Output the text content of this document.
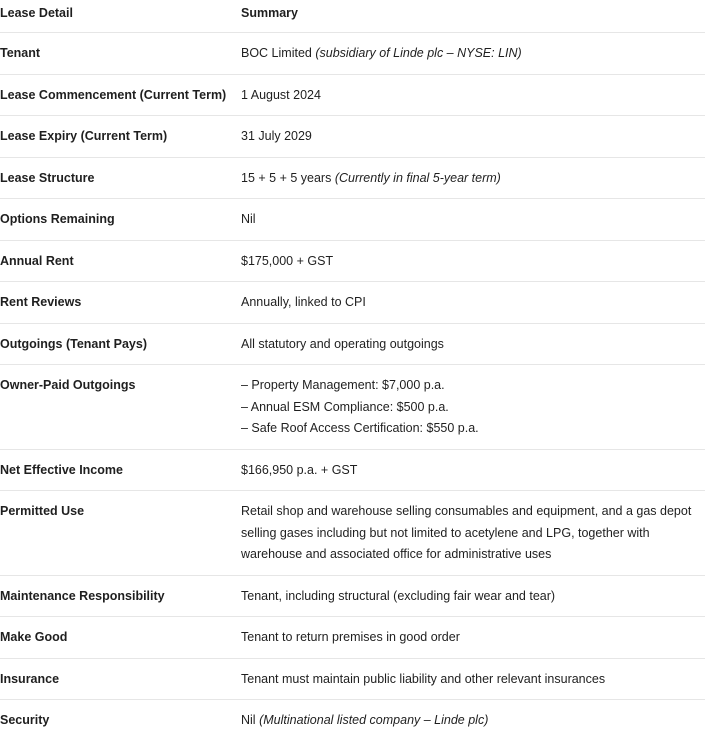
Lease Detail	Summary
Tenant	BOC Limited (subsidiary of Linde plc – NYSE: LIN)
Lease Commencement (Current Term)	1 August 2024
Lease Expiry (Current Term)	31 July 2029
Lease Structure	15 + 5 + 5 years (Currently in final 5-year term)
Options Remaining	Nil
Annual Rent	$175,000 + GST
Rent Reviews	Annually, linked to CPI
Outgoings (Tenant Pays)	All statutory and operating outgoings
Owner-Paid Outgoings	– Property Management: $7,000 p.a.
– Annual ESM Compliance: $500 p.a.
– Safe Roof Access Certification: $550 p.a.

Net Effective Income	$166,950 p.a. + GST
Permitted Use	Retail shop and warehouse selling consumables and equipment, and a gas depot selling gases including but not limited to acetylene and LPG, together with warehouse and associated office for administrative uses
Maintenance Responsibility	Tenant, including structural (excluding fair wear and tear)
Make Good	Tenant to return premises in good order
Insurance	Tenant must maintain public liability and other relevant insurances
Security	Nil (Multinational listed company – Linde plc)
